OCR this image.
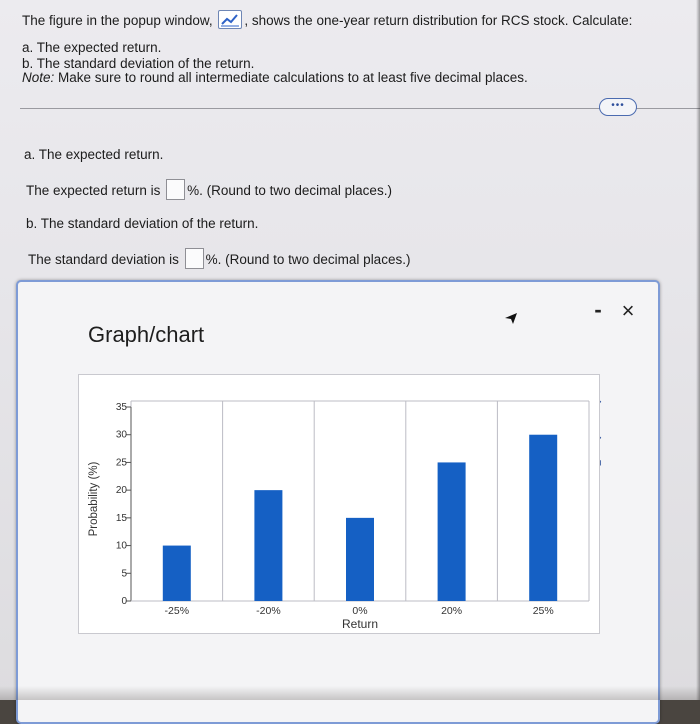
The figure in the popup window, , shows the one-year return distribution for RCS stock. Calculate:
a. The expected return.
b. The standard deviation of the return.
Note: Make sure to round all intermediate calculations to at least five decimal places.
•••
a. The expected return.
The expected return is %. (Round to two decimal places.)
b. The standard deviation of the return.
The standard deviation is %. (Round to two decimal places.)
Graph/chart
- ×
0
5
10
15
20
25
30
35
-25%	-20%	0%	20%	25%
Return
Probability (%)
